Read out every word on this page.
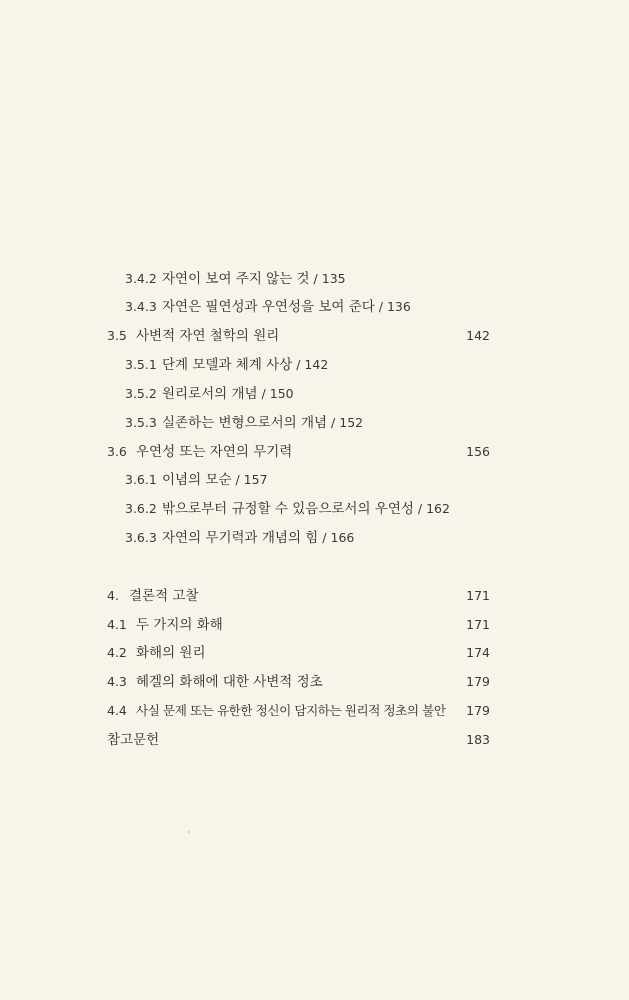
3.4.2 자연이 보여 주지 않는 것 / 135
3.4.3 자연은 필연성과 우연성을 보여 준다 / 136
3.5 사변적 자연 철학의 원리	142
3.5.1 단계 모델과 체계 사상 / 142
3.5.2 원리로서의 개념 / 150
3.5.3 실존하는 변형으로서의 개념 / 152
3.6 우연성 또는 자연의 무기력	156
3.6.1 이념의 모순 / 157
3.6.2 밖으로부터 규정할 수 있음으로서의 우연성 / 162
3.6.3 자연의 무기력과 개념의 힘 / 166
4. 결론적 고찰	171
4.1 두 가지의 화해	171
4.2 화해의 원리	174
4.3 헤겔의 화해에 대한 사변적 정초	179
4.4 사실 문제 또는 유한한 정신이 담지하는 원리적 정초의 불안 179
참고문헌	183
